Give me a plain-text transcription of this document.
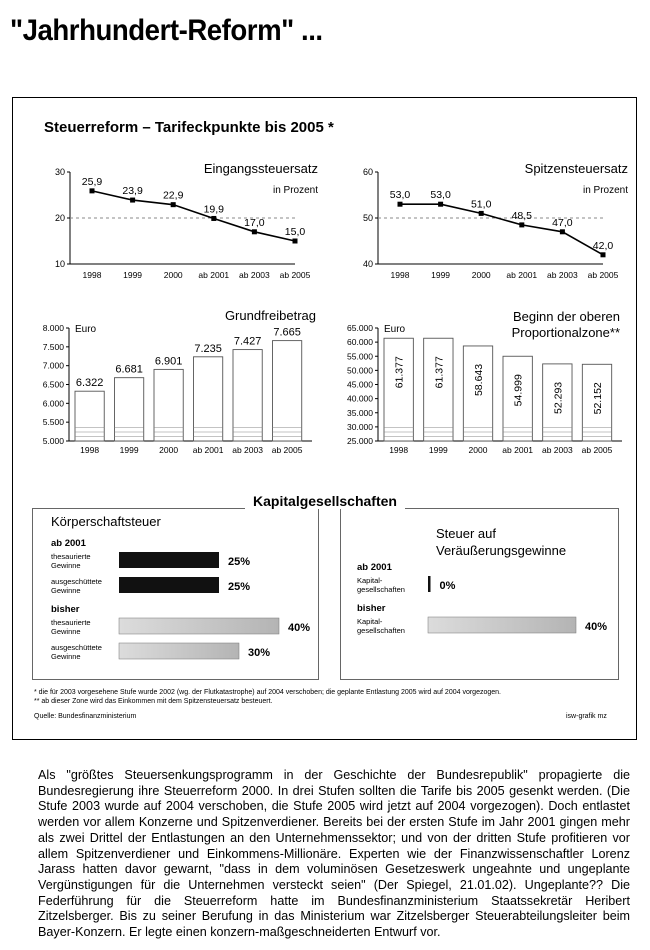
"Jahrhundert-Reform" ...
Steuerreform – Tarifeckpunkte bis 2005 *
10
20
30
25,9
1998
23,9
1999
22,9
2000
19,9
ab 2001
17,0
ab 2003
15,0
ab 2005
Eingangssteuersatz
in Prozent
40
50
60
53,0
1998
53,0
1999
51,0
2000
48,5
ab 2001
47,0
ab 2003
42,0
ab 2005
Spitzensteuersatz
in Prozent
5.000
5.500
6.000
6.500
7.000
7.500
8.000
6.322
1998
6.681
1999
6.901
2000
7.235
ab 2001
7.427
ab 2003
7.665
ab 2005
Euro
Grundfreibetrag
25.000
30.000
35.000
40.000
45.000
50.000
55.000
60.000
65.000
61.377
1998
61.377
1999
58.643
2000
54.999
ab 2001
52.293
ab 2003
52.152
ab 2005
Euro
Beginn der oberen
Proportionalzone**
Körperschaftsteuer
ab 2001
thesaurierte
Gewinne	25%
ausgeschüttete
Gewinne	25%
bisher
thesaurierte
Gewinne	40%
ausgeschüttete
Gewinne	30%
Steuer auf
Veräußerungsgewinne
ab 2001
Kapital-
gesellschaften	0%
bisher
Kapital-
gesellschaften	40%
Kapitalgesellschaften
* die für 2003 vorgesehene Stufe wurde 2002 (wg. der Flutkatastrophe) auf 2004 verschoben; die geplante Entlastung 2005 wird auf 2004 vorgezogen.
** ab dieser Zone wird das Einkommen mit dem Spitzensteuersatz besteuert.
Quelle: Bundesfinanzministerium	isw-grafik mz
Als "größtes Steuersenkungsprogramm in der Geschichte der Bundesrepublik" propagierte die Bundesregierung ihre Steuerreform 2000. In drei Stufen sollten die Tarife bis 2005 gesenkt werden. (Die Stufe 2003 wurde auf 2004 verschoben, die Stufe 2005 wird jetzt auf 2004 vorgezogen). Doch entlastet werden vor allem Konzerne und Spitzenverdiener. Bereits bei der ersten Stufe im Jahr 2001 gingen mehr als zwei Drittel der Entlastungen an den Unternehmenssektor; und von der dritten Stufe profitieren vor allem Spitzenverdiener und Einkommens-Millionäre. Experten wie der Finanzwissenschaftler Lorenz Jarass hatten davor gewarnt, "dass in dem voluminösen Gesetzeswerk ungeahnte und ungeplante Vergünstigungen für die Unternehmen versteckt seien" (Der Spiegel, 21.01.02). Ungeplante?? Die Federführung für die Steuerreform hatte im Bundesfinanzministerium Staatssekretär Heribert Zitzelsberger. Bis zu seiner Berufung in das Ministerium war Zitzelsberger Steuerabteilungsleiter beim Bayer-Konzern. Er legte einen konzern-maßgeschneiderten Entwurf vor.
